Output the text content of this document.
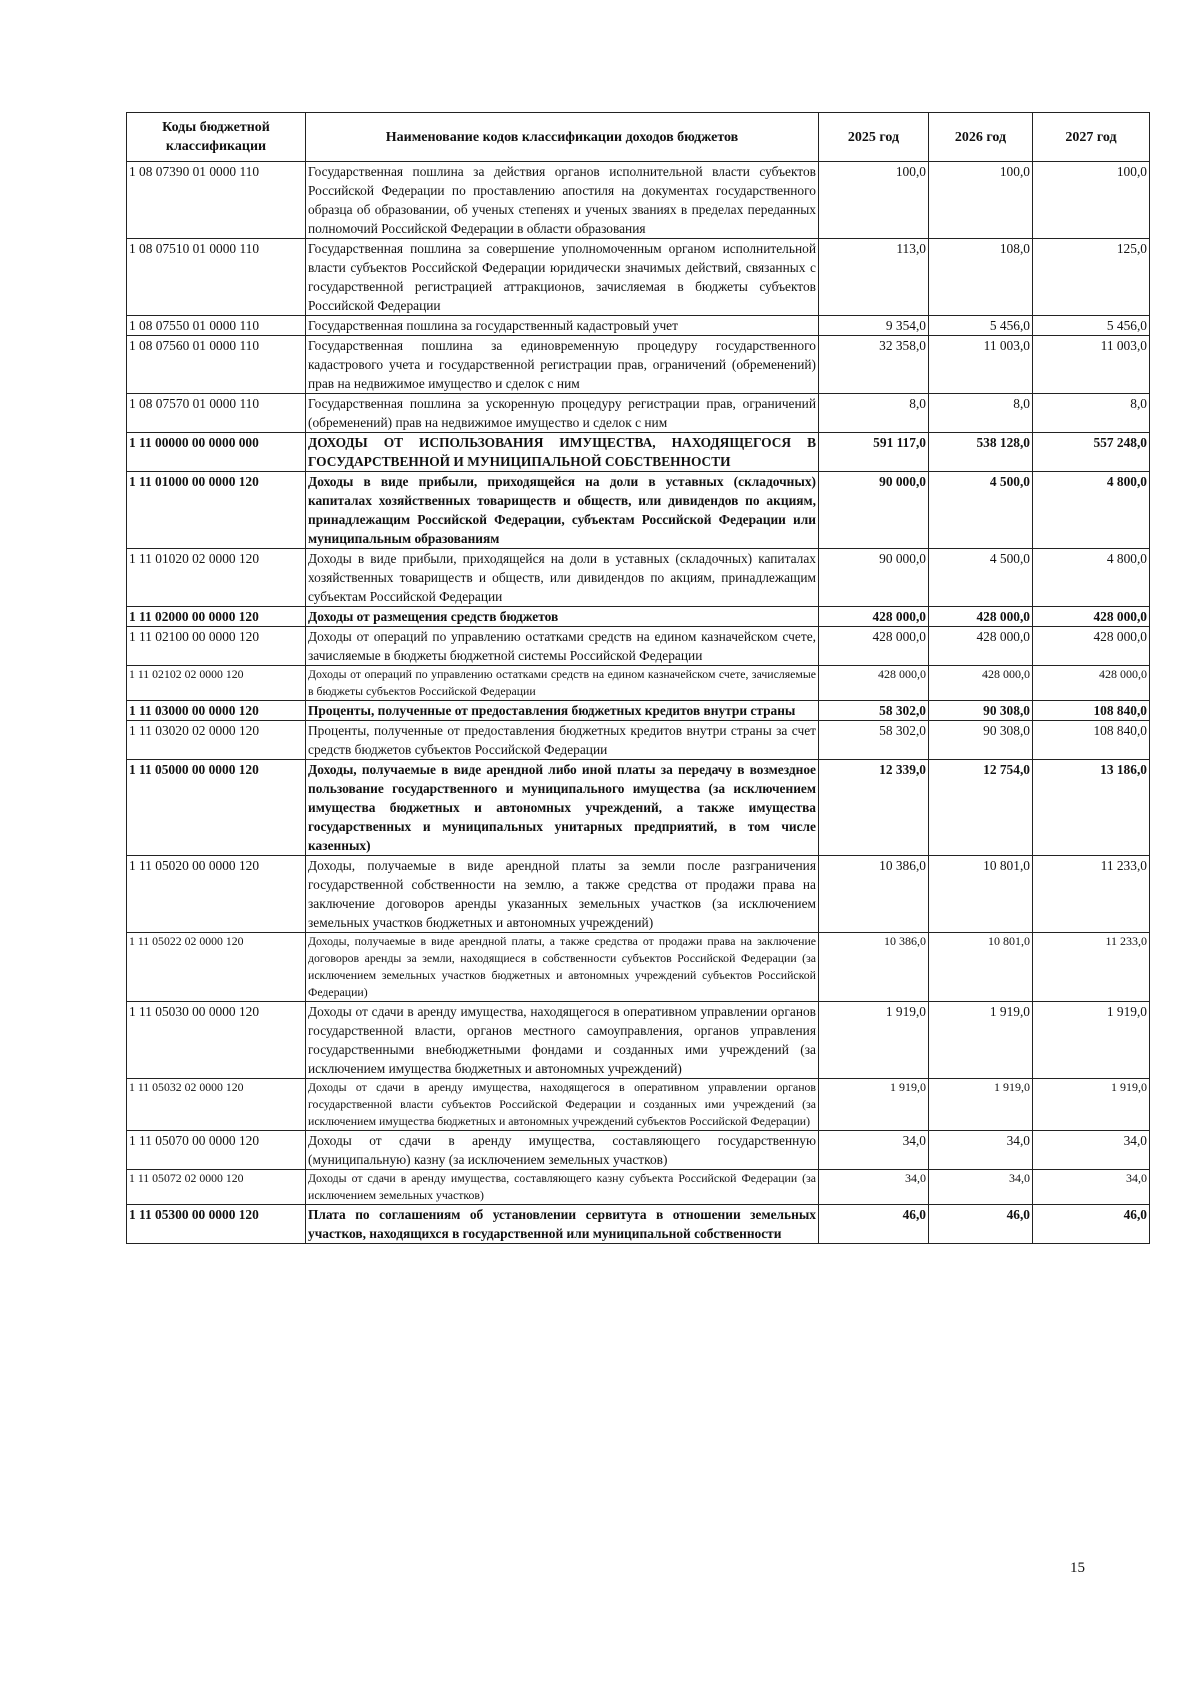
Коды бюджетной классификации	Наименование кодов классификации доходов бюджетов	2025 год	2026 год	2027 год
1 08 07390 01 0000 110	Государственная пошлина за действия органов исполнительной власти субъектов Российской Федерации по проставлению апостиля на документах государственного образца об образовании, об ученых степенях и ученых званиях в пределах переданных полномочий Российской Федерации в области образования	100,0	100,0	100,0
1 08 07510 01 0000 110	Государственная пошлина за совершение уполномоченным органом исполнительной власти субъектов Российской Федерации юридически значимых действий, связанных с государственной регистрацией аттракционов, зачисляемая в бюджеты субъектов Российской Федерации	113,0	108,0	125,0
1 08 07550 01 0000 110	Государственная пошлина за государственный кадастровый учет	9 354,0	5 456,0	5 456,0
1 08 07560 01 0000 110	Государственная пошлина за единовременную процедуру государственного кадастрового учета и государственной регистрации прав, ограничений (обременений) прав на недвижимое имущество и сделок с ним	32 358,0	11 003,0	11 003,0
1 08 07570 01 0000 110	Государственная пошлина за ускоренную процедуру регистрации прав, ограничений (обременений) прав на недвижимое имущество и сделок с ним	8,0	8,0	8,0
1 11 00000 00 0000 000	ДОХОДЫ ОТ ИСПОЛЬЗОВАНИЯ ИМУЩЕСТВА, НАХОДЯЩЕГОСЯ В ГОСУДАРСТВЕННОЙ И МУНИЦИПАЛЬНОЙ СОБСТВЕННОСТИ	591 117,0	538 128,0	557 248,0
1 11 01000 00 0000 120	Доходы в виде прибыли, приходящейся на доли в уставных (складочных) капиталах хозяйственных товариществ и обществ, или дивидендов по акциям, принадлежащим Российской Федерации, субъектам Российской Федерации или муниципальным образованиям	90 000,0	4 500,0	4 800,0
1 11 01020 02 0000 120	Доходы в виде прибыли, приходящейся на доли в уставных (складочных) капиталах хозяйственных товариществ и обществ, или дивидендов по акциям, принадлежащим субъектам Российской Федерации	90 000,0	4 500,0	4 800,0
1 11 02000 00 0000 120	Доходы от размещения средств бюджетов	428 000,0	428 000,0	428 000,0
1 11 02100 00 0000 120	Доходы от операций по управлению остатками средств на едином казначейском счете, зачисляемые в бюджеты бюджетной системы Российской Федерации	428 000,0	428 000,0	428 000,0
1 11 02102 02 0000 120	Доходы от операций по управлению остатками средств на едином казначейском счете, зачисляемые в бюджеты субъектов Российской Федерации	428 000,0	428 000,0	428 000,0
1 11 03000 00 0000 120	Проценты, полученные от предоставления бюджетных кредитов внутри страны	58 302,0	90 308,0	108 840,0
1 11 03020 02 0000 120	Проценты, полученные от предоставления бюджетных кредитов внутри страны за счет средств бюджетов субъектов Российской Федерации	58 302,0	90 308,0	108 840,0
1 11 05000 00 0000 120	Доходы, получаемые в виде арендной либо иной платы за передачу в возмездное пользование государственного и муниципального имущества (за исключением имущества бюджетных и автономных учреждений, а также имущества государственных и муниципальных унитарных предприятий, в том числе казенных)	12 339,0	12 754,0	13 186,0
1 11 05020 00 0000 120	Доходы, получаемые в виде арендной платы за земли после разграничения государственной собственности на землю, а также средства от продажи права на заключение договоров аренды указанных земельных участков (за исключением земельных участков бюджетных и автономных учреждений)	10 386,0	10 801,0	11 233,0
1 11 05022 02 0000 120	Доходы, получаемые в виде арендной платы, а также средства от продажи права на заключение договоров аренды за земли, находящиеся в собственности субъектов Российской Федерации (за исключением земельных участков бюджетных и автономных учреждений субъектов Российской Федерации)	10 386,0	10 801,0	11 233,0
1 11 05030 00 0000 120	Доходы от сдачи в аренду имущества, находящегося в оперативном управлении органов государственной власти, органов местного самоуправления, органов управления государственными внебюджетными фондами и созданных ими учреждений (за исключением имущества бюджетных и автономных учреждений)	1 919,0	1 919,0	1 919,0
1 11 05032 02 0000 120	Доходы от сдачи в аренду имущества, находящегося в оперативном управлении органов государственной власти субъектов Российской Федерации и созданных ими учреждений (за исключением имущества бюджетных и автономных учреждений субъектов Российской Федерации)	1 919,0	1 919,0	1 919,0
1 11 05070 00 0000 120	Доходы от сдачи в аренду имущества, составляющего государственную (муниципальную) казну (за исключением земельных участков)	34,0	34,0	34,0
1 11 05072 02 0000 120	Доходы от сдачи в аренду имущества, составляющего казну субъекта Российской Федерации (за исключением земельных участков)	34,0	34,0	34,0
1 11 05300 00 0000 120	Плата по соглашениям об установлении сервитута в отношении земельных участков, находящихся в государственной или муниципальной собственности	46,0	46,0	46,0
15
